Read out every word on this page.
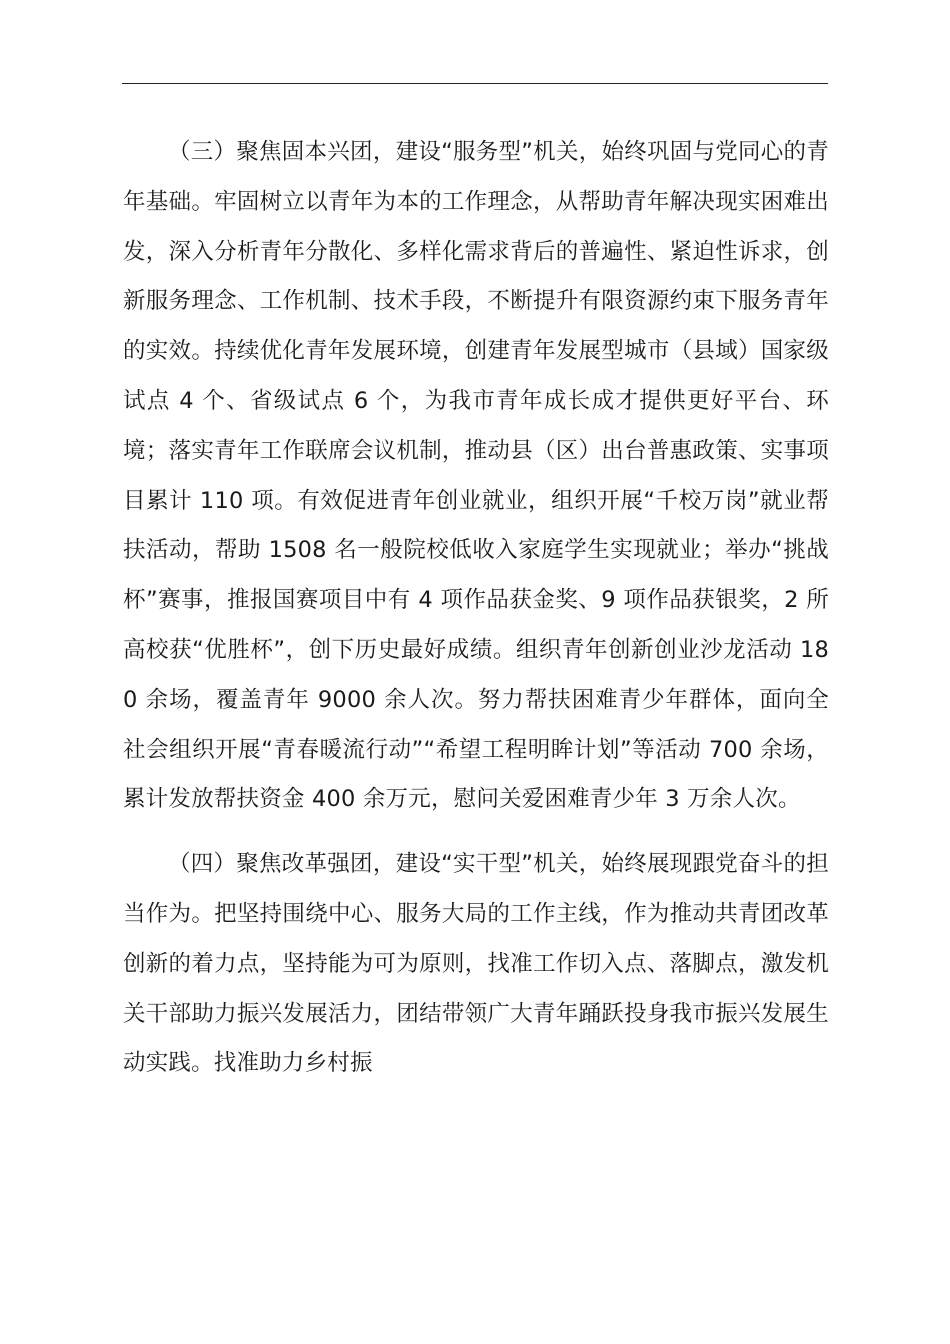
（三）聚焦固本兴团，建设“服务型”机关，始终巩固与党同心的青年基础。牢固树立以青年为本的工作理念，从帮助青年解决现实困难出发，深入分析青年分散化、多样化需求背后的普遍性、紧迫性诉求，创新服务理念、工作机制、技术手段，不断提升有限资源约束下服务青年的实效。持续优化青年发展环境，创建青年发展型城市（县域）国家级试点 4 个、省级试点 6 个，为我市青年成长成才提供更好平台、环境；落实青年工作联席会议机制，推动县（区）出台普惠政策、实事项目累计 110 项。有效促进青年创业就业，组织开展“千校万岗”就业帮扶活动，帮助 1508 名一般院校低收入家庭学生实现就业；举办“挑战杯”赛事，推报国赛项目中有 4 项作品获金奖、9 项作品获银奖，2 所高校获“优胜杯”，创下历史最好成绩。组织青年创新创业沙龙活动 180 余场，覆盖青年 9000 余人次。努力帮扶困难青少年群体，面向全社会组织开展“青春暖流行动”“希望工程明眸计划”等活动 700 余场，累计发放帮扶资金 400 余万元，慰问关爱困难青少年 3 万余人次。

（四）聚焦改革强团，建设“实干型”机关，始终展现跟党奋斗的担当作为。把坚持围绕中心、服务大局的工作主线，作为推动共青团改革创新的着力点，坚持能为可为原则，找准工作切入点、落脚点，激发机关干部助力振兴发展活力，团结带领广大青年踊跃投身我市振兴发展生动实践。找准助力乡村振
